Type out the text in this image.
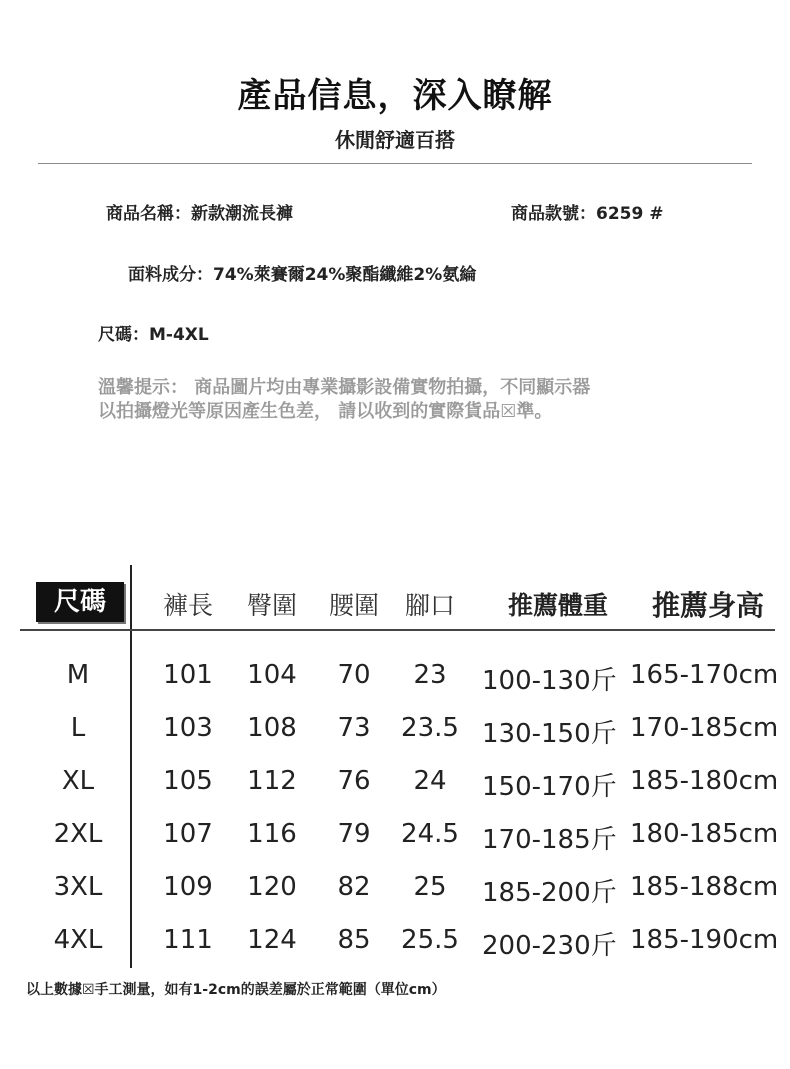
產品信息，深入瞭解
休閒舒適百搭
商品名稱：新款潮流長褲	商品款號：6259 #
面料成分：74%萊賽爾24%聚酯纖維2%氨綸
尺碼：M-4XL
溫馨提示： 商品圖片均由專業攝影設備實物拍攝，不同顯示器
以拍攝燈光等原因產生色差， 請以收到的實際貨品☒準。
尺碼	褲長 臀圍 腰圍 腳口 推薦體重 推薦身高
M	101 104	70	23	100-130斤 165-170cm
L	103 108	73	23.5 130-150斤 170-185cm
XL	105 112	76	24	150-170斤 185-180cm
2XL	107 116	79	24.5 170-185斤 180-185cm
3XL	109 120	82	25	185-200斤 185-188cm
4XL	111 124	85	25.5 200-230斤 185-190cm
以上數據☒手工測量，如有1-2cm的誤差屬於正常範圍（單位cm）
